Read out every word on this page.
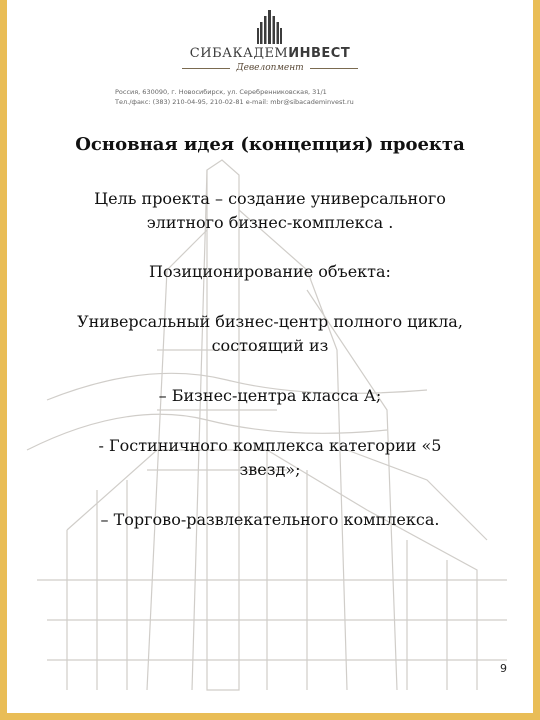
СИБАКАДЕМИНВЕСТ
Девелопмент
Россия, 630090, г. Новосибирск, ул. Серебренниковская, 31/1
Тел./факс: (383) 210-04-95, 210-02-81 e-mail: mbr@sibacademinvest.ru

Основная идея (концепция) проекта

Цель проекта – создание универсального

элитного бизнес-комплекса .

Позиционирование объекта:

Универсальный бизнес-центр полного цикла,

состоящий из

– Бизнес-центра класса А;

- Гостиничного комплекса категории «5

звезд»;

– Торгово-развлекательного комплекса.

9
